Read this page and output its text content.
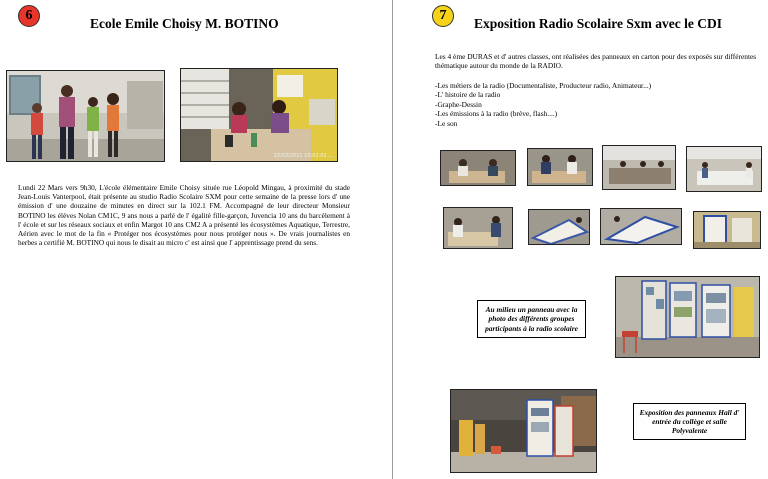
6
Ecole Emile Choisy M. BOTINO
22/03/2021 10:02:02 ...
Lundi 22 Mars vers 9h30, L'école élémentaire Emile Choisy située rue Léopold Mingau, à proximité du stade Jean-Louis Vanterpool, était présente au studio Radio Scolaire SXM pour cette semaine de la presse lors d' une émission d' une douzaine de minutes en direct sur la 102.1 FM. Accompagné de leur directeur Monsieur BOTINO les élèves Nolan CM1C, 9 ans nous a parlé de l' égalité fille-garçon, Juvencia 10 ans du harcèlement à l' école et sur les réseaux sociaux et enfin Margot 10 ans CM2 A a présenté les écosystèmes Aquatique, Terrestre, Aérien avec le mot de la fin « Protéger nos écosystèmes pour nous protéger nous ». De vrais journalistes en herbes a certifié M. BOTINO qui nous le disait au micro c' est ainsi que l' apprentissage prend du sens.
7
Exposition Radio Scolaire Sxm avec le CDI
Les 4 ème DURAS et d' autres classes, ont réalisées des panneaux en carton pour des exposés sur différentes thématique autour du monde de la RADIO.
-Les métiers de la radio (Documentaliste, Producteur radio, Animateur...)
-L' histoire de la radio
-Graphe-Dessin
-Les émissions à la radio (brève, flash....)
-Le son
Au milieu un panneau avec la photo des différents groupes participants à la radio scolaire
Exposition des panneaux Hall d' entrée du collège et salle Polyvalente
